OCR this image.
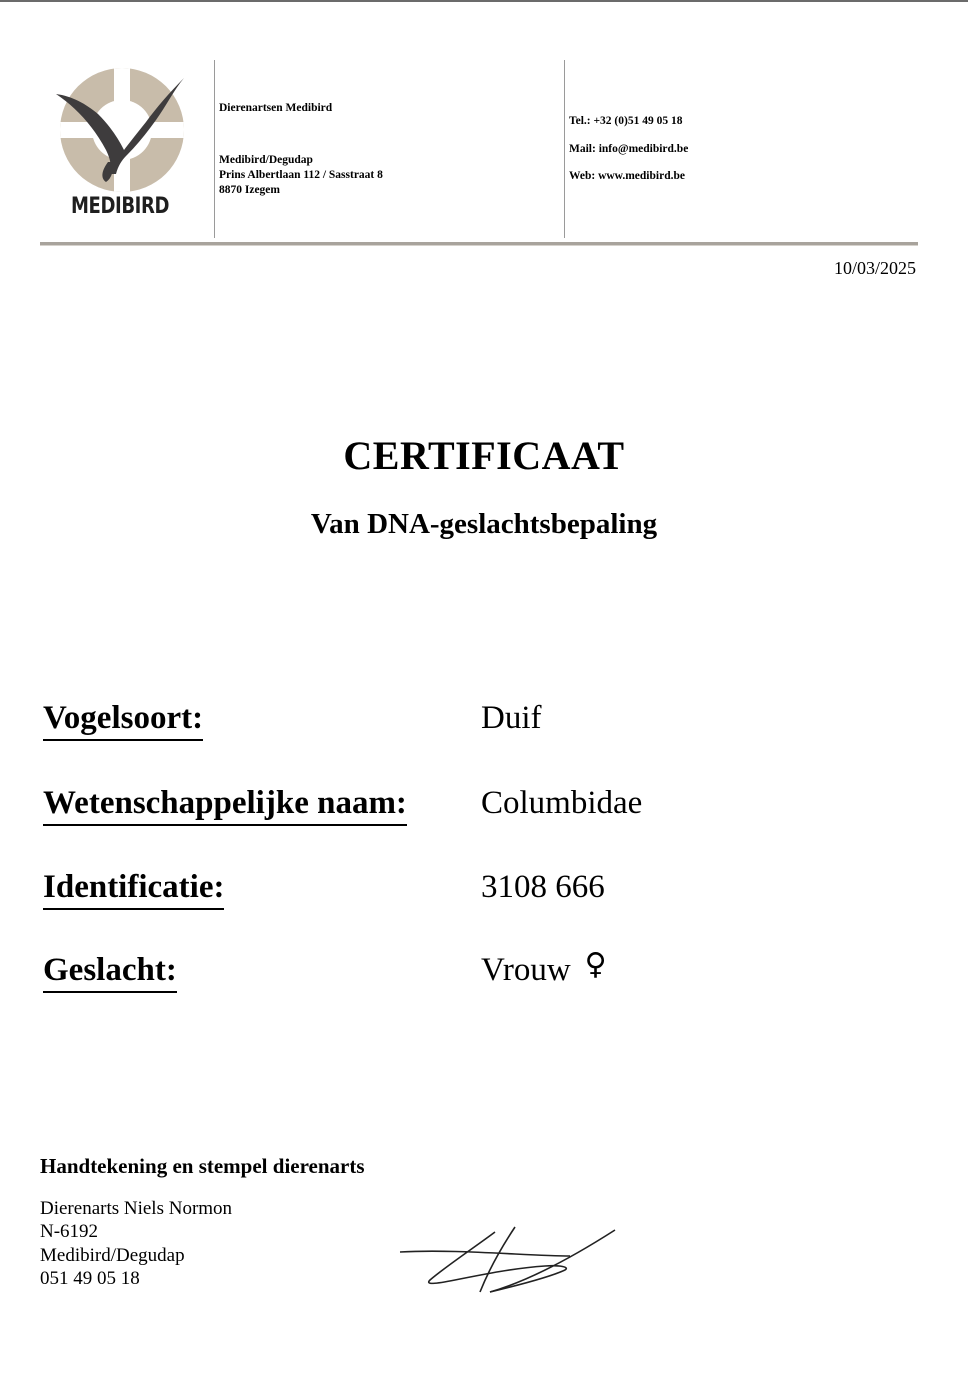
MEDIBIRD
Dierenartsen Medibird
Medibird/Degudap
Prins Albertlaan 112 / Sasstraat 8
8870 Izegem
Tel.: +32 (0)51 49 05 18
Mail: info@medibird.be
Web: www.medibird.be
10/03/2025
CERTIFICAAT
Van DNA-geslachtsbepaling
Vogelsoort:	Duif
Wetenschappelijke naam: Columbidae
Identificatie:	3108 666
Geslacht:	Vrouw ♀
Handtekening en stempel dierenarts
Dierenarts Niels Normon
N-6192
Medibird/Degudap
051 49 05 18
